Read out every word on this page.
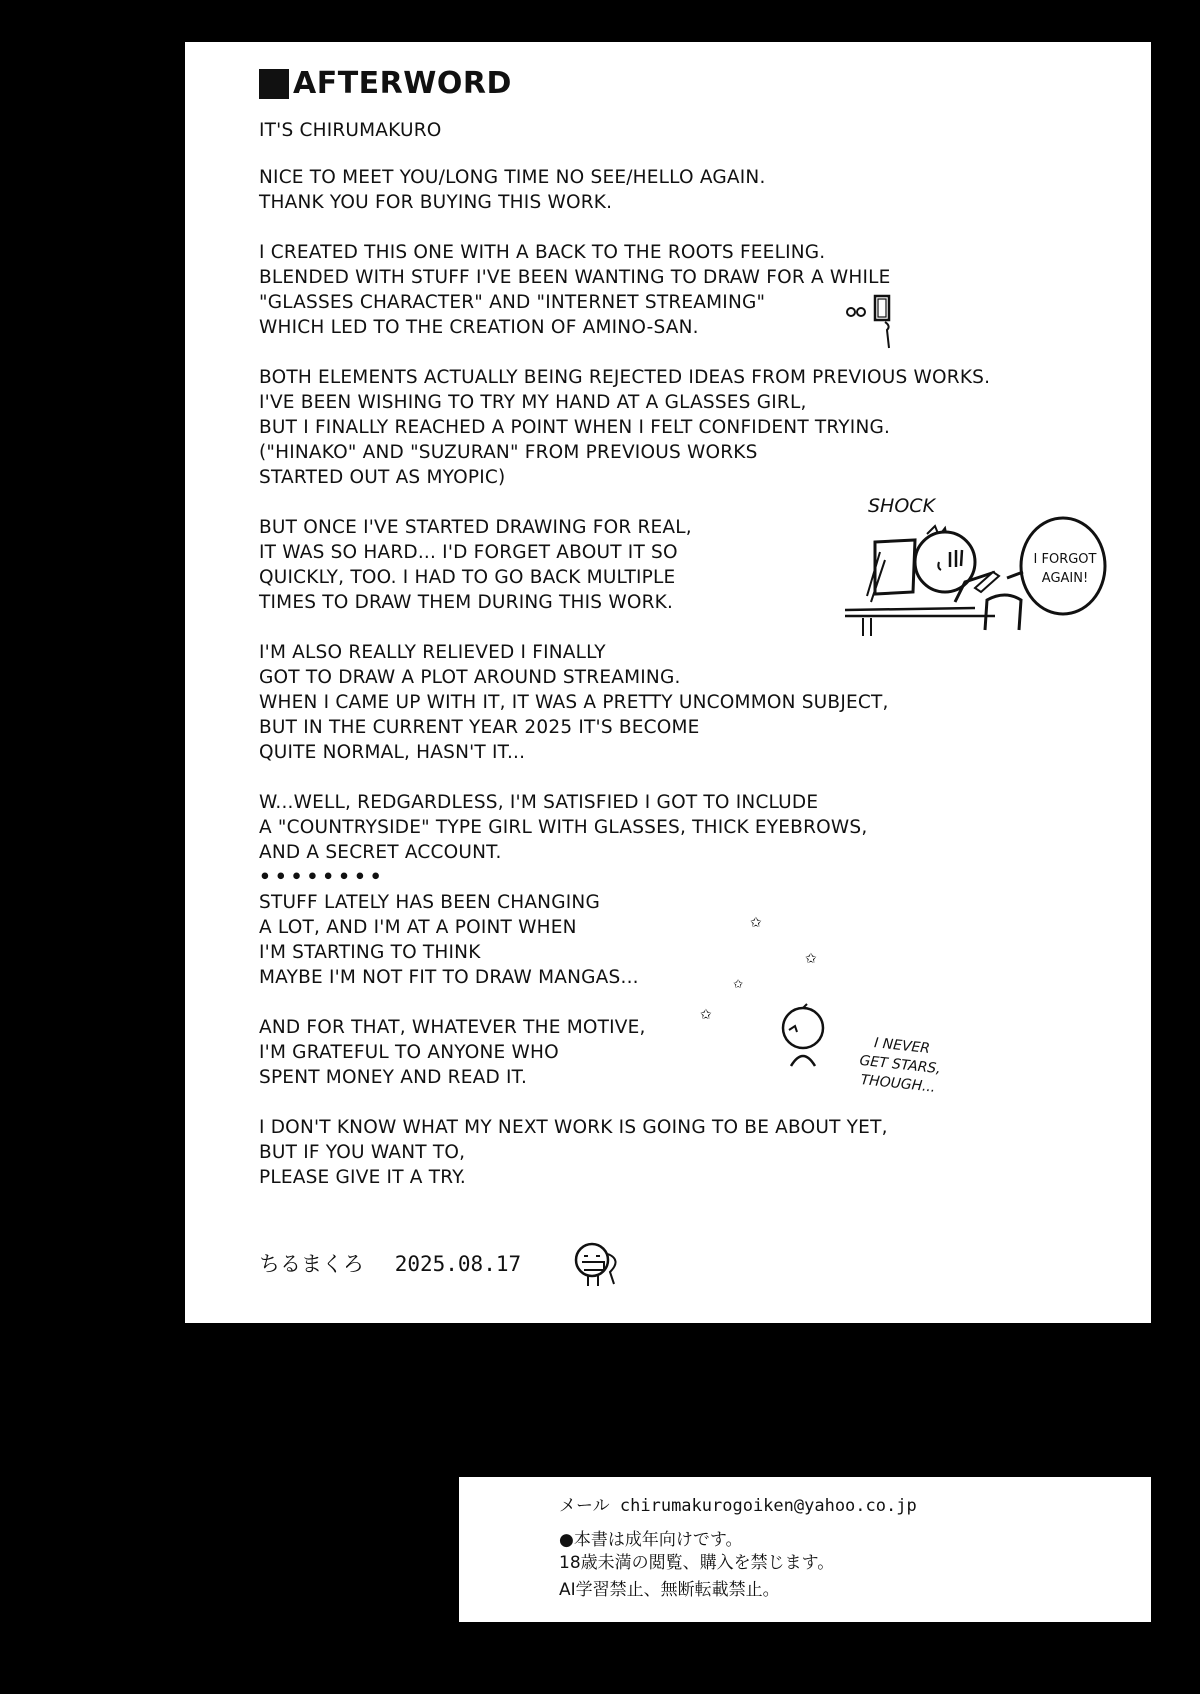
AFTERWORD
IT'S CHIRUMAKURO
NICE TO MEET YOU/LONG TIME NO SEE/HELLO AGAIN.
THANK YOU FOR BUYING THIS WORK.
I CREATED THIS ONE WITH A BACK TO THE ROOTS FEELING.
BLENDED WITH STUFF I'VE BEEN WANTING TO DRAW FOR A WHILE
"GLASSES CHARACTER" AND "INTERNET STREAMING"
WHICH LED TO THE CREATION OF AMINO-SAN.
BOTH ELEMENTS ACTUALLY BEING REJECTED IDEAS FROM PREVIOUS WORKS.
I'VE BEEN WISHING TO TRY MY HAND AT A GLASSES GIRL,
BUT I FINALLY REACHED A POINT WHEN I FELT CONFIDENT TRYING.
("HINAKO" AND "SUZURAN" FROM PREVIOUS WORKS
STARTED OUT AS MYOPIC)
BUT ONCE I'VE STARTED DRAWING FOR REAL,
IT WAS SO HARD... I'D FORGET ABOUT IT SO
QUICKLY, TOO. I HAD TO GO BACK MULTIPLE
TIMES TO DRAW THEM DURING THIS WORK.
I'M ALSO REALLY RELIEVED I FINALLY
GOT TO DRAW A PLOT AROUND STREAMING.
WHEN I CAME UP WITH IT, IT WAS A PRETTY UNCOMMON SUBJECT,
BUT IN THE CURRENT YEAR 2025 IT'S BECOME
QUITE NORMAL, HASN'T IT...
W...WELL, REDGARDLESS, I'M SATISFIED I GOT TO INCLUDE
A "COUNTRYSIDE" TYPE GIRL WITH GLASSES, THICK EYEBROWS,
AND A SECRET ACCOUNT.
••••••••
STUFF LATELY HAS BEEN CHANGING
A LOT, AND I'M AT A POINT WHEN
I'M STARTING TO THINK
MAYBE I'M NOT FIT TO DRAW MANGAS...
AND FOR THAT, WHATEVER THE MOTIVE,
I'M GRATEFUL TO ANYONE WHO
SPENT MONEY AND READ IT.
I DON'T KNOW WHAT MY NEXT WORK IS GOING TO BE ABOUT YET,
BUT IF YOU WANT TO,
PLEASE GIVE IT A TRY.
SHOCK
I FORGOT
AGAIN!
✩
✩
✩
✩
I NEVER
GET STARS,
THOUGH...
ちるまくろ 2025.08.17
メール chirumakurogoiken@yahoo.co.jp
●本書は成年向けです。
18歳未満の閲覧、購入を禁じます。
AI学習禁止、無断転載禁止。
